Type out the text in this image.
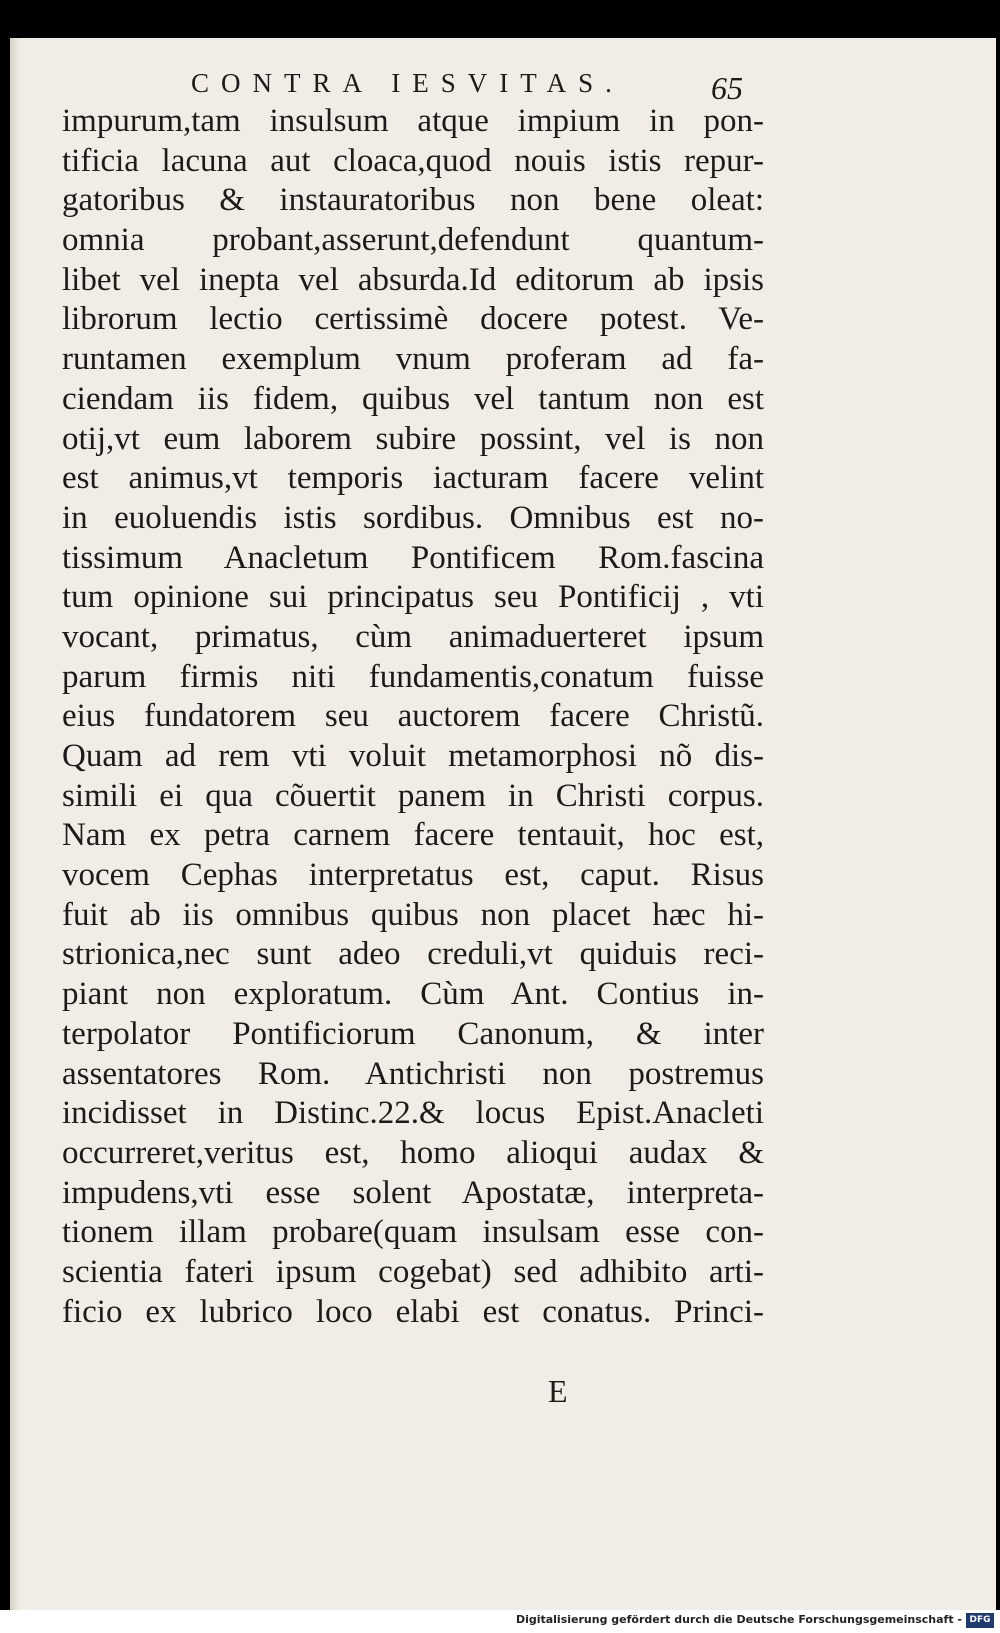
CONTRA IESVITAS.	65
impurum,tam insulsum atque impium in pon-
tificia lacuna aut cloaca,quod nouis istis repur-
gatoribus & instauratoribus non bene oleat:
omnia probant,asserunt,defendunt quantum-
libet vel inepta vel absurda.Id editorum ab ipsis
librorum lectio certissimè docere potest. Ve-
runtamen exemplum vnum proferam ad fa-
ciendam iis fidem, quibus vel tantum non est
otij,vt eum laborem subire possint, vel is non
est animus,vt temporis iacturam facere velint
in euoluendis istis sordibus. Omnibus est no-
tissimum Anacletum Pontificem Rom.fascina
tum opinione sui principatus seu Pontificij , vti
vocant, primatus, cùm animaduerteret ipsum
parum firmis niti fundamentis,conatum fuisse
eius fundatorem seu auctorem facere Christũ.
Quam ad rem vti voluit metamorphosi nõ dis-
simili ei qua cõuertit panem in Christi corpus.
Nam ex petra carnem facere tentauit, hoc est,
vocem Cephas interpretatus est, caput. Risus
fuit ab iis omnibus quibus non placet hæc hi-
strionica,nec sunt adeo creduli,vt quiduis reci-
piant non exploratum. Cùm Ant. Contius in-
terpolator Pontificiorum Canonum, & inter
assentatores Rom. Antichristi non postremus
incidisset in Distinc.22.& locus Epist.Anacleti
occurreret,veritus est, homo alioqui audax &
impudens,vti esse solent Apostatæ, interpreta-
tionem illam probare(quam insulsam esse con-
scientia fateri ipsum cogebat) sed adhibito arti-
ficio ex lubrico loco elabi est conatus. Princi-
E
Digitalisierung gefördert durch die Deutsche Forschungsgemeinschaft - DFG
